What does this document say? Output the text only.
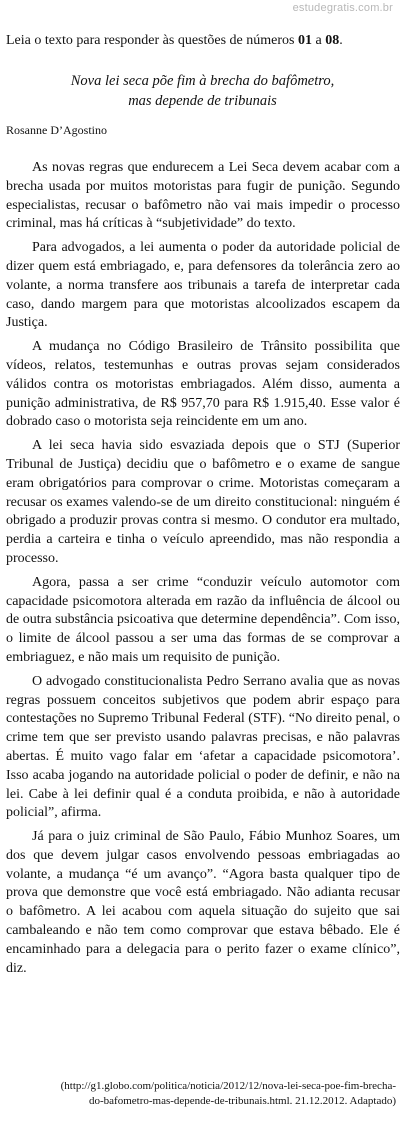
estudegratis.com.br
Leia o texto para responder às questões de números 01 a 08.
Nova lei seca põe fim à brecha do bafômetro,
mas depende de tribunais
Rosanne D’Agostino

As novas regras que endurecem a Lei Seca devem acabar com a brecha usada por muitos motoristas para fugir de punição. Segundo especialistas, recusar o bafômetro não vai mais impedir o processo criminal, mas há críticas à “subjetividade” do texto.

Para advogados, a lei aumenta o poder da autoridade policial de dizer quem está embriagado, e, para defensores da tolerância zero ao volante, a norma transfere aos tribunais a tarefa de interpretar cada caso, dando margem para que motoristas alcoolizados escapem da Justiça.

A mudança no Código Brasileiro de Trânsito possibilita que vídeos, relatos, testemunhas e outras provas sejam considerados válidos contra os motoristas embriagados. Além disso, aumenta a punição administrativa, de R$ 957,70 para R$ 1.915,40. Esse valor é dobrado caso o motorista seja reincidente em um ano.

A lei seca havia sido esvaziada depois que o STJ (Superior Tribunal de Justiça) decidiu que o bafômetro e o exame de sangue eram obrigatórios para comprovar o crime. Motoristas começaram a recusar os exames valendo-se de um direito constitucional: ninguém é obrigado a produzir provas contra si mesmo. O condutor era multado, perdia a carteira e tinha o veículo apreendido, mas não respondia a processo.

Agora, passa a ser crime “conduzir veículo automotor com capacidade psicomotora alterada em razão da influência de álcool ou de outra substância psicoativa que determine dependência”. Com isso, o limite de álcool passou a ser uma das formas de se comprovar a embriaguez, e não mais um requisito de punição.

O advogado constitucionalista Pedro Serrano avalia que as novas regras possuem conceitos subjetivos que podem abrir espaço para contestações no Supremo Tribunal Federal (STF). “No direito penal, o crime tem que ser previsto usando palavras precisas, e não palavras abertas. É muito vago falar em ‘afetar a capacidade psicomotora’. Isso acaba jogando na autoridade policial o poder de definir, e não na lei. Cabe à lei definir qual é a conduta proibida, e não à autoridade policial”, afirma.

Já para o juiz criminal de São Paulo, Fábio Munhoz Soares, um dos que devem julgar casos envolvendo pessoas embriagadas ao volante, a mudança “é um avanço”. “Agora basta qualquer tipo de prova que demonstre que você está embriagado. Não adianta recusar o bafômetro. A lei acabou com aquela situação do sujeito que sai cambaleando e não tem como comprovar que estava bêbado. Ele é encaminhado para a delegacia para o perito fazer o exame clínico”, diz.

(http://g1.globo.com/politica/noticia/2012/12/nova-lei-seca-poe-fim-brecha-
do-bafometro-mas-depende-de-tribunais.html. 21.12.2012. Adaptado)
